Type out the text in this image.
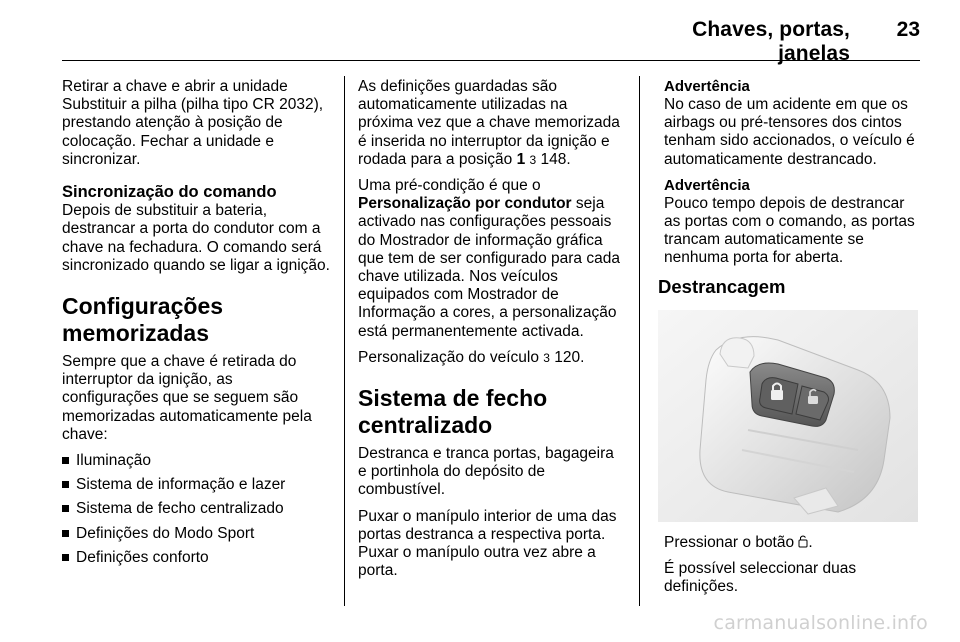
Chaves, portas, janelas
23

Retirar a chave e abrir a unidade Substituir a pilha (pilha tipo CR 2032), prestando atenção à posição de colocação. Fechar a unidade e sincronizar.

Sincronização do comando

Depois de substituir a bateria, destrancar a porta do condutor com a chave na fechadura. O comando será sincronizado quando se ligar a ignição.

Configurações memorizadas

Sempre que a chave é retirada do interruptor da ignição, as configurações que se seguem são memorizadas automaticamente pela chave:

Iluminação
Sistema de informação e lazer
Sistema de fecho centralizado
Definições do Modo Sport
Definições conforto

As definições guardadas são automaticamente utilizadas na próxima vez que a chave memorizada é inserida no interruptor da ignição e rodada para a posição 1 3 148.

Uma pré-condição é que o Personalização por condutor seja activado nas configurações pessoais do Mostrador de informação gráfica que tem de ser configurado para cada chave utilizada. Nos veículos equipados com Mostrador de Informação a cores, a personalização está permanentemente activada.

Personalização do veículo 3 120.

Sistema de fecho centralizado

Destranca e tranca portas, bagageira e portinhola do depósito de combustível.

Puxar o manípulo interior de uma das portas destranca a respectiva porta. Puxar o manípulo outra vez abre a porta.

Advertência

No caso de um acidente em que os airbags ou pré-tensores dos cintos tenham sido accionados, o veículo é automaticamente destrancado.

Advertência

Pouco tempo depois de destrancar as portas com o comando, as portas trancam automaticamente se nenhuma porta for aberta.

Destrancagem

Pressionar o botão .

É possível seleccionar duas definições.

carmanualsonline.info
